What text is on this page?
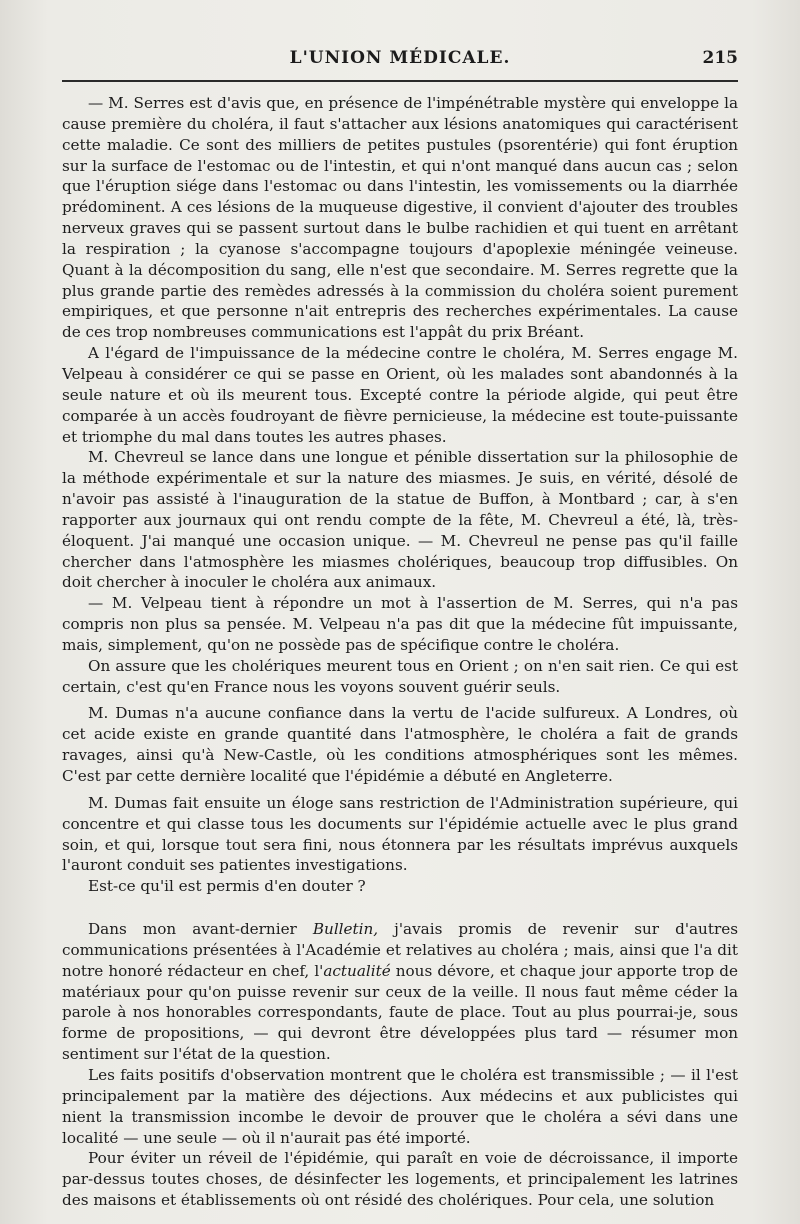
L'UNION MÉDICALE.	215

— M. Serres est d'avis que, en présence de l'impénétrable mystère qui enveloppe la cause première du choléra, il faut s'attacher aux lésions anatomiques qui caractérisent cette maladie. Ce sont des milliers de petites pustules (psorentérie) qui font éruption sur la surface de l'estomac ou de l'intestin, et qui n'ont manqué dans aucun cas ; selon que l'éruption siége dans l'estomac ou dans l'intestin, les vomissements ou la diarrhée prédominent. A ces lésions de la muqueuse digestive, il convient d'ajouter des troubles nerveux graves qui se passent surtout dans le bulbe rachidien et qui tuent en arrêtant la respiration ; la cyanose s'accompagne toujours d'apoplexie méningée veineuse. Quant à la décomposition du sang, elle n'est que secondaire. M. Serres regrette que la plus grande partie des remèdes adressés à la commission du choléra soient purement empiriques, et que personne n'ait entrepris des recherches expérimentales. La cause de ces trop nombreuses communications est l'appât du prix Bréant.

A l'égard de l'impuissance de la médecine contre le choléra, M. Serres engage M. Velpeau à considérer ce qui se passe en Orient, où les malades sont abandonnés à la seule nature et où ils meurent tous. Excepté contre la période algide, qui peut être comparée à un accès foudroyant de fièvre pernicieuse, la médecine est toute-puissante et triomphe du mal dans toutes les autres phases.

M. Chevreul se lance dans une longue et pénible dissertation sur la philosophie de la méthode expérimentale et sur la nature des miasmes. Je suis, en vérité, désolé de n'avoir pas assisté à l'inauguration de la statue de Buffon, à Montbard ; car, à s'en rapporter aux journaux qui ont rendu compte de la fête, M. Chevreul a été, là, très-éloquent. J'ai manqué une occasion unique. — M. Chevreul ne pense pas qu'il faille chercher dans l'atmosphère les miasmes cholériques, beaucoup trop diffusibles. On doit chercher à inoculer le choléra aux animaux.

— M. Velpeau tient à répondre un mot à l'assertion de M. Serres, qui n'a pas compris non plus sa pensée. M. Velpeau n'a pas dit que la médecine fût impuissante, mais, simplement, qu'on ne possède pas de spécifique contre le choléra.

On assure que les cholériques meurent tous en Orient ; on n'en sait rien. Ce qui est certain, c'est qu'en France nous les voyons souvent guérir seuls.

M. Dumas n'a aucune confiance dans la vertu de l'acide sulfureux. A Londres, où cet acide existe en grande quantité dans l'atmosphère, le choléra a fait de grands ravages, ainsi qu'à New-Castle, où les conditions atmosphériques sont les mêmes. C'est par cette dernière localité que l'épidémie a débuté en Angleterre.

M. Dumas fait ensuite un éloge sans restriction de l'Administration supérieure, qui concentre et qui classe tous les documents sur l'épidémie actuelle avec le plus grand soin, et qui, lorsque tout sera fini, nous étonnera par les résultats imprévus auxquels l'auront conduit ses patientes investigations.

Est-ce qu'il est permis d'en douter ?

Dans mon avant-dernier Bulletin, j'avais promis de revenir sur d'autres communications présentées à l'Académie et relatives au choléra ; mais, ainsi que l'a dit notre honoré rédacteur en chef, l'actualité nous dévore, et chaque jour apporte trop de matériaux pour qu'on puisse revenir sur ceux de la veille. Il nous faut même céder la parole à nos honorables correspondants, faute de place. Tout au plus pourrai-je, sous forme de propositions, — qui devront être développées plus tard — résumer mon sentiment sur l'état de la question.

Les faits positifs d'observation montrent que le choléra est transmissible ; — il l'est principalement par la matière des déjections. Aux médecins et aux publicistes qui nient la transmission incombe le devoir de prouver que le choléra a sévi dans une localité — une seule — où il n'aurait pas été importé.

Pour éviter un réveil de l'épidémie, qui paraît en voie de décroissance, il importe par-dessus toutes choses, de désinfecter les logements, et principalement les latrines des maisons et établissements où ont résidé des cholériques. Pour cela, une solution
